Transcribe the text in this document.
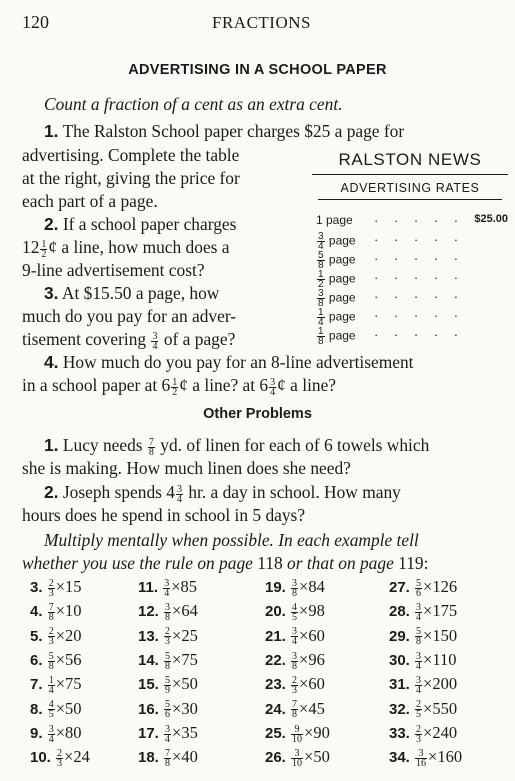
120	FRACTIONS
ADVERTISING IN A SCHOOL PAPER
Count a fraction of a cent as an extra cent.
1. The Ralston School paper charges $25 a page for
advertising. Complete the table
at the right, giving the price for
each part of a page.
2. If a school paper charges
$12 \frac{1}{2}$ ¢ a line, how much does a
9-line advertisement cost?
3. At $15.50 a page, how
much do you pay for an adver-
tisement covering $\frac{3}{4}$ of a page?
4. How much do you pay for an 8-line advertisement
in a school paper at $6 \frac{1}{2}$ ¢ a line? at $6 \frac{3}{4}$ ¢ a line?
RALSTON NEWS
ADVERTISING RATES
1 page · · · · · $25.00
$\frac{3}{4}$ page · · · · ·
$\frac{5}{8}$ page · · · · ·
$\frac{1}{2}$ page · · · · ·
$\frac{3}{8}$ page · · · · ·
$\frac{1}{4}$ page · · · · ·
$\frac{1}{8}$ page · · · · ·
Other Problems
1. Lucy needs $\frac{7}{8}$ yd. of linen for each of 6 towels which
she is making. How much linen does she need?
2. Joseph spends $4 \frac{3}{4}$ hr. a day in school. How many
hours does he spend in school in 5 days?
Multiply mentally when possible. In each example tell
whether you use the rule on page 118 or that on page 119:
3. $\frac{2}{3} \times 15$	11. $\frac{3}{4} \times 85$	19. $\frac{3}{8} \times 84$	27. $\frac{5}{6} \times 126$
4. $\frac{7}{8} \times 10$	12. $\frac{3}{8} \times 64$	20. $\frac{4}{5} \times 98$	28. $\frac{3}{4} \times 175$
5. $\frac{2}{3} \times 20$	13. $\frac{2}{3} \times 25$	21. $\frac{3}{4} \times 60$	29. $\frac{5}{8} \times 150$
6. $\frac{5}{8} \times 56$	14. $\frac{5}{8} \times 75$	22. $\frac{3}{8} \times 96$	30. $\frac{3}{4} \times 110$
7. $\frac{1}{4} \times 75$	15. $\frac{5}{9} \times 50$	23. $\frac{2}{3} \times 60$	31. $\frac{3}{4} \times 200$
8. $\frac{4}{5} \times 50$	16. $\frac{5}{6} \times 30$	24. $\frac{7}{8} \times 45$	32. $\frac{2}{5} \times 550$
9. $\frac{3}{4} \times 80$	17. $\frac{3}{4} \times 35$	25. $\frac{9}{10} \times 90$	33. $\frac{2}{3} \times 240$
10. $\frac{2}{3} \times 24$	18. $\frac{7}{8} \times 40$	26. $\frac{3}{10} \times 50$	34. $\frac{3}{16} \times 160$
